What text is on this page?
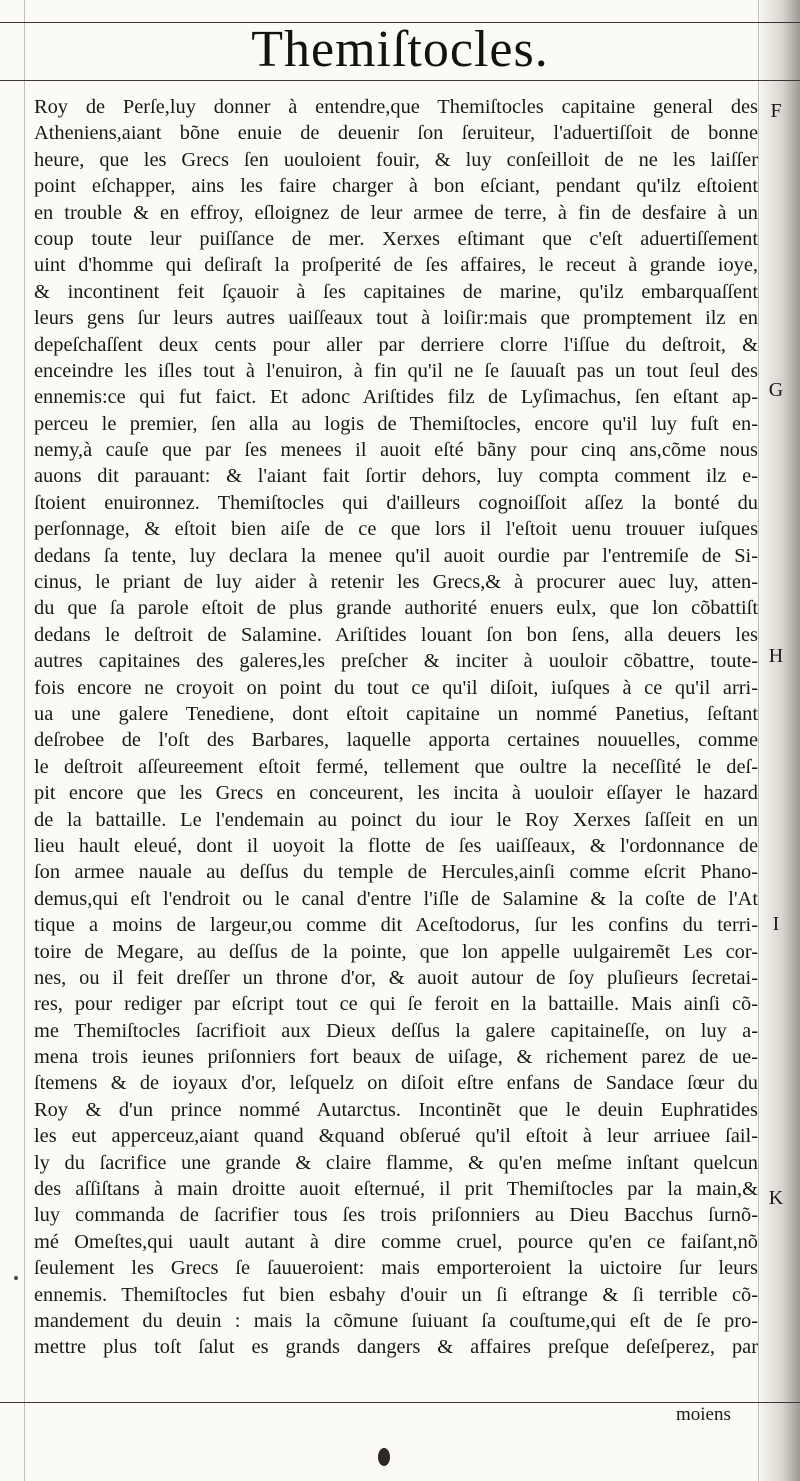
Themiſtocles.
Roy de Perſe,luy donner à entendre,que Themiſtocles capitaine general des
Atheniens,aiant bõne enuie de deuenir ſon ſeruiteur, l'aduertiſſoit de bonne
heure, que les Grecs ſen uouloient fouir, & luy conſeilloit de ne les laiſſer
point eſchapper, ains les faire charger à bon eſciant, pendant qu'ilz eſtoient
en trouble & en effroy, eſloignez de leur armee de terre, à fin de desfaire à un
coup toute leur puiſſance de mer. Xerxes eſtimant que c'eſt aduertiſſement
uint d'homme qui deſiraſt la proſperité de ſes affaires, le receut à grande ioye,
& incontinent feit ſçauoir à ſes capitaines de marine, qu'ilz embarquaſſent
leurs gens ſur leurs autres uaiſſeaux tout à loiſir:mais que promptement ilz en
depeſchaſſent deux cents pour aller par derriere clorre l'iſſue du deſtroit, &
enceindre les iſles tout à l'enuiron, à fin qu'il ne ſe ſauuaſt pas un tout ſeul des
ennemis:ce qui fut faict. Et adonc Ariſtides filz de Lyſimachus, ſen eſtant ap-
perceu le premier, ſen alla au logis de Themiſtocles, encore qu'il luy fuſt en-
nemy,à cauſe que par ſes menees il auoit eſté bãny pour cinq ans,cõme nous
auons dit parauant: & l'aiant fait ſortir dehors, luy compta comment ilz e-
ſtoient enuironnez. Themiſtocles qui d'ailleurs cognoiſſoit aſſez la bonté du
perſonnage, & eſtoit bien aiſe de ce que lors il l'eſtoit uenu trouuer iuſques
dedans ſa tente, luy declara la menee qu'il auoit ourdie par l'entremiſe de Si-
cinus, le priant de luy aider à retenir les Grecs,& à procurer auec luy, atten-
du que ſa parole eſtoit de plus grande authorité enuers eulx, que lon cõbattiſt
dedans le deſtroit de Salamine. Ariſtides louant ſon bon ſens, alla deuers les
autres capitaines des galeres,les preſcher & inciter à uouloir cõbattre, toute-
fois encore ne croyoit on point du tout ce qu'il diſoit, iuſques à ce qu'il arri-
ua une galere Tenediene, dont eſtoit capitaine un nommé Panetius, ſeſtant
deſrobee de l'oſt des Barbares, laquelle apporta certaines nouuelles, comme
le deſtroit aſſeureement eſtoit fermé, tellement que oultre la neceſſité le deſ-
pit encore que les Grecs en conceurent, les incita à uouloir eſſayer le hazard
de la battaille. Le l'endemain au poinct du iour le Roy Xerxes ſaſſeit en un
lieu hault eleué, dont il uoyoit la flotte de ſes uaiſſeaux, & l'ordonnance de
ſon armee nauale au deſſus du temple de Hercules,ainſi comme eſcrit Phano-
demus,qui eſt l'endroit ou le canal d'entre l'iſle de Salamine & la coſte de l'At
tique a moins de largeur,ou comme dit Aceſtodorus, ſur les confins du terri-
toire de Megare, au deſſus de la pointe, que lon appelle uulgairemẽt Les cor-
nes, ou il feit dreſſer un throne d'or, & auoit autour de ſoy pluſieurs ſecretai-
res, pour rediger par eſcript tout ce qui ſe feroit en la battaille. Mais ainſi cõ-
me Themiſtocles ſacrifioit aux Dieux deſſus la galere capitaineſſe, on luy a-
mena trois ieunes priſonniers fort beaux de uiſage, & richement parez de ue-
ſtemens & de ioyaux d'or, leſquelz on diſoit eſtre enfans de Sandace ſœur du
Roy & d'un prince nommé Autarctus. Incontinẽt que le deuin Euphratides
les eut apperceuz,aiant quand &quand obſerué qu'il eſtoit à leur arriuee ſail-
ly du ſacrifice une grande & claire flamme, & qu'en meſme inſtant quelcun
des aſſiſtans à main droitte auoit eſternué, il prit Themiſtocles par la main,&
luy commanda de ſacrifier tous ſes trois priſonniers au Dieu Bacchus ſurnõ-
mé Omeſtes,qui uault autant à dire comme cruel, pource qu'en ce faiſant,nõ
ſeulement les Grecs ſe ſauueroient: mais emporteroient la uictoire ſur leurs
ennemis. Themiſtocles fut bien esbahy d'ouir un ſi eſtrange & ſi terrible cõ-
mandement du deuin : mais la cõmune ſuiuant ſa couſtume,qui eſt de ſe pro-
mettre plus toſt ſalut es grands dangers & affaires preſque deſeſperez, par
F
G
H
I
K
moiens
